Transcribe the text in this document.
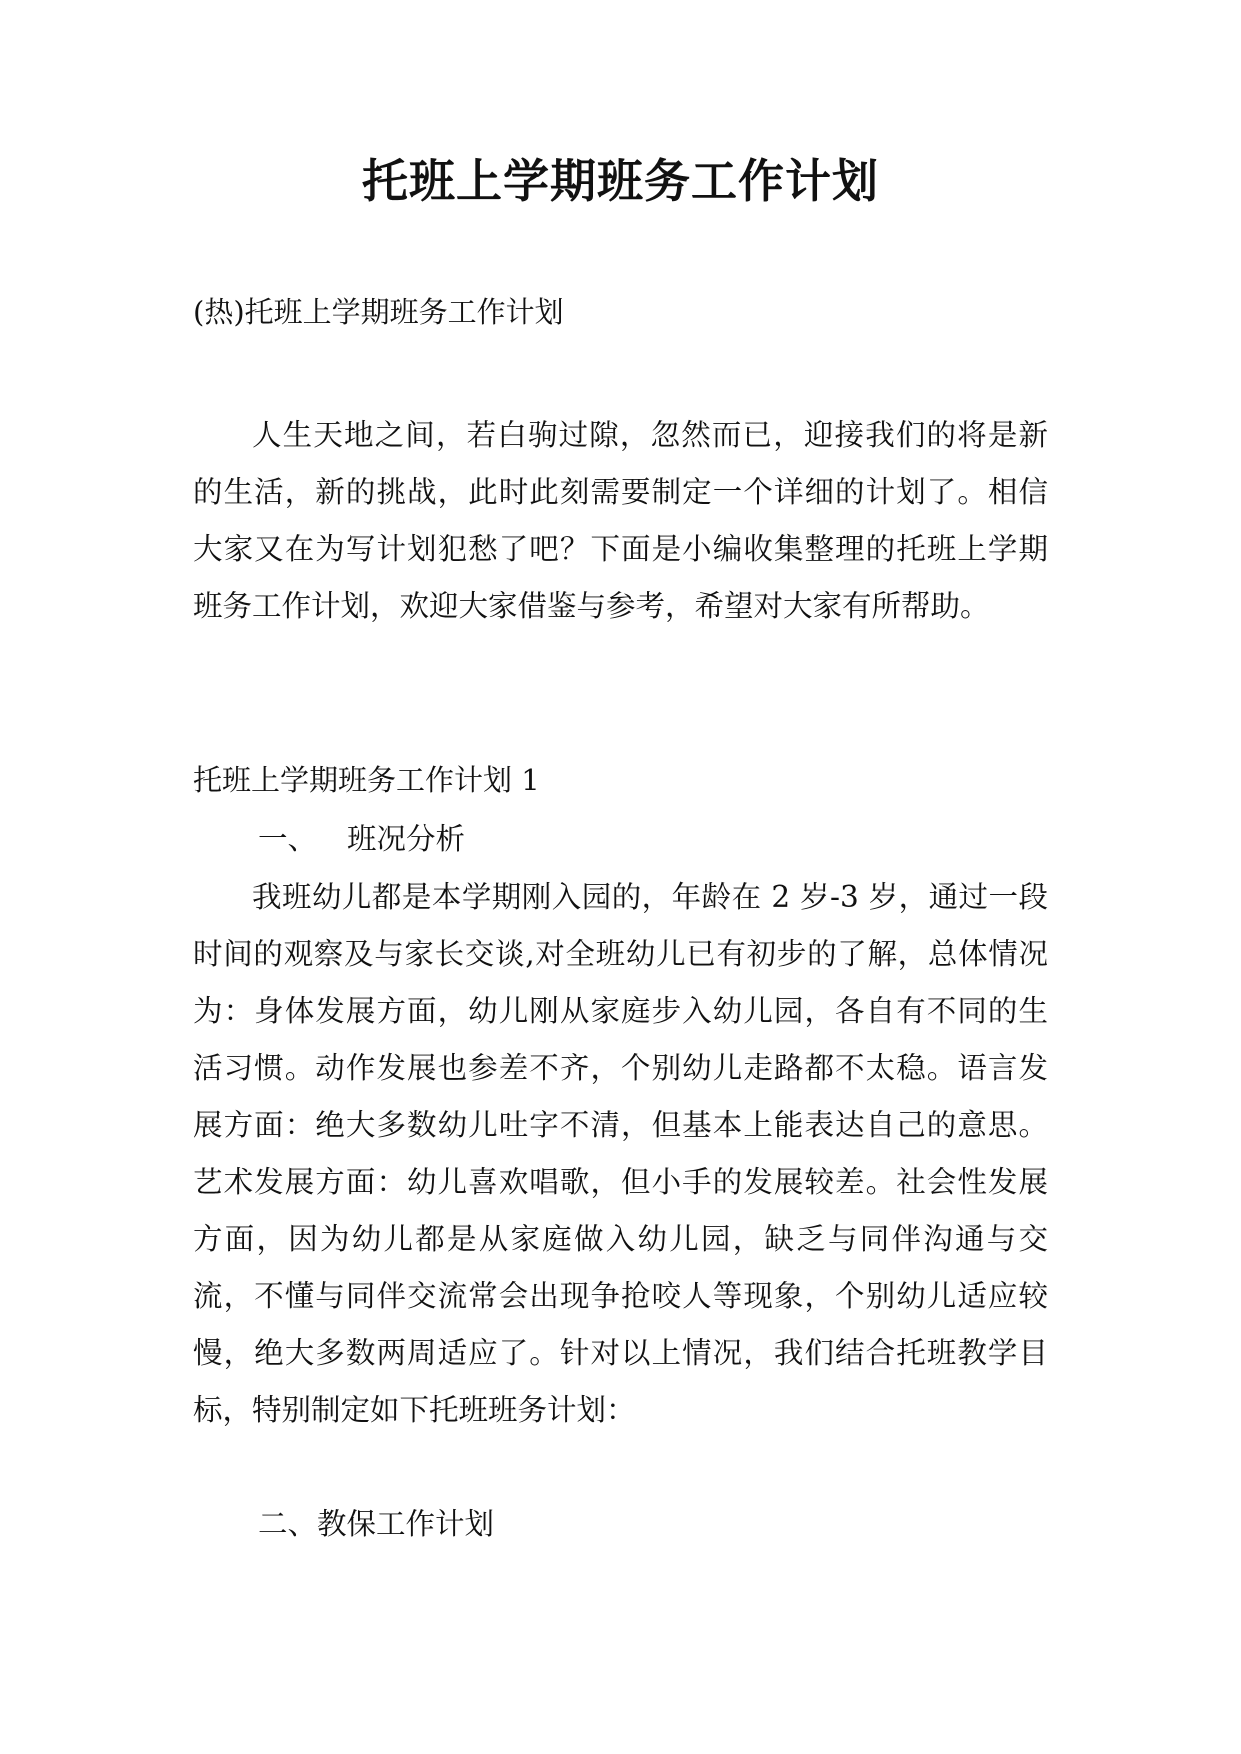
托班上学期班务工作计划
(热)托班上学期班务工作计划

人生天地之间，若白驹过隙，忽然而已，迎接我们的将是新的生活，新的挑战，此时此刻需要制定一个详细的计划了。相信大家又在为写计划犯愁了吧？下面是小编收集整理的托班上学期班务工作计划，欢迎大家借鉴与参考，希望对大家有所帮助。

托班上学期班务工作计划 1
一、 班况分析

我班幼儿都是本学期刚入园的，年龄在 2 岁-3 岁，通过一段时间的观察及与家长交谈,对全班幼儿已有初步的了解，总体情况为：身体发展方面，幼儿刚从家庭步入幼儿园，各自有不同的生活习惯。动作发展也参差不齐，个别幼儿走路都不太稳。语言发展方面：绝大多数幼儿吐字不清，但基本上能表达自己的意思。艺术发展方面：幼儿喜欢唱歌，但小手的发展较差。社会性发展方面，因为幼儿都是从家庭做入幼儿园，缺乏与同伴沟通与交流，不懂与同伴交流常会出现争抢咬人等现象，个别幼儿适应较慢，绝大多数两周适应了。针对以上情况，我们结合托班教学目标，特别制定如下托班班务计划：

二、教保工作计划
